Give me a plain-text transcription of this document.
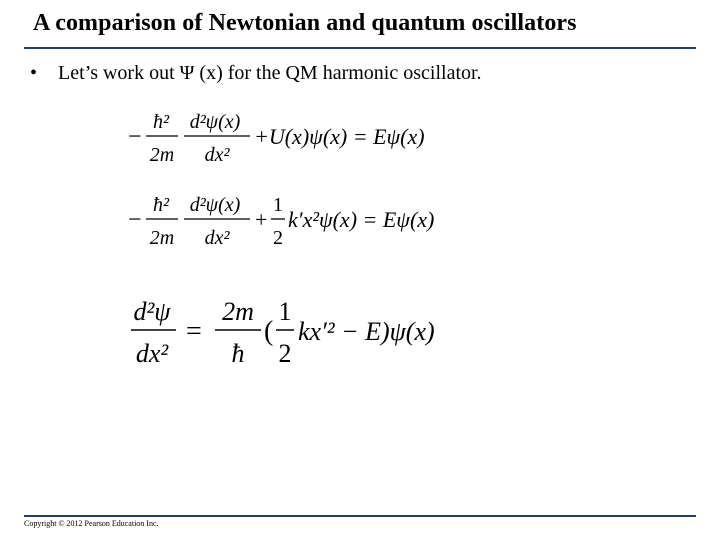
A comparison of Newtonian and quantum oscillators
• Let’s work out Ψ (x) for the QM harmonic oscillator.
−
ħ²
2m
d²ψ(x)
dx²
+U(x)ψ(x) = Eψ(x)
−
ħ²
2m
d²ψ(x)
dx²
+
1
2
k′x²ψ(x) = Eψ(x)
d²ψ
dx²
=
2m
ħ
(
1
2
kx′² − E)ψ(x)
Copyright © 2012 Pearson Education Inc.
